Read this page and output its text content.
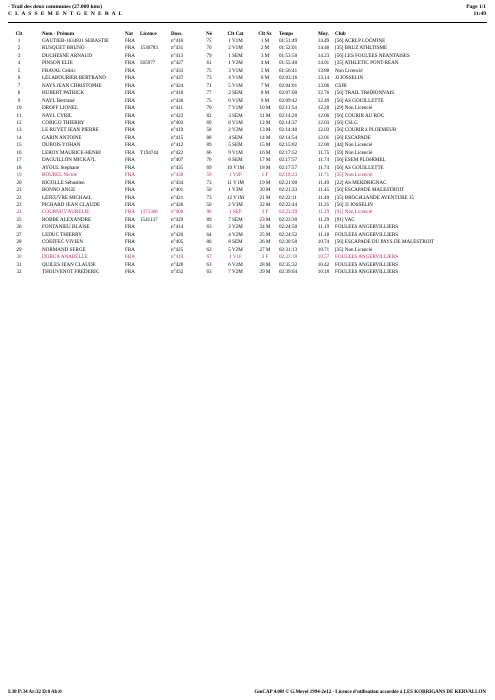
- Trail des deux communes (27.000 kms)
C L A S S E M E N T G E N E R A L
Page 1/1
11:49
Clt	Nom - Prénom	Nat	Licence	Doss.	Né	Clt Cat	Clt Sx	Temps	Moy.	Club
1	GAUTIER-1634831 SEBASTIE	FRA		n°416	75	1 V1M	1 M	01:51:49	14.49	[56] ACRLP LOCMINE
2	RUSQUET BRUNO	FRA	1530783	n°431	70	2 V1M	2 M	01:52:01	14.46	[35] BRUZ ATHLTISME
3	DUCHESNE ARNAUD	FRA		n°413	79	1 SEM	3 M	01:53:50	14.23	[56] LES FOULEES NEANTAISES
4	PINSON ELIE	FRA	565977	n°427	61	1 V2M	4 M	01:55:40	14.01	[35] ATHLETIC PONT-REAN
5	FRAVAL Cédric	FRA		n°433	75	3 V1M	5 M	01:56:41	13.88	Non Licencié
6	LELABOURIER BERTRAND	FRA		n°437	73	4 V1M	6 M	02:03:16	13.14	JJ JOSSELIN
7	NAYS JEAN CHRISTOPHE	FRA		n°424	71	5 V1M	7 M	02:04:01	13.06	CSJB
8	HUBERT PATRICK	FRA		n°418	77	2 SEM	8 M	02:07:00	12.76	[56] TRAIL TRéDIONNAIS
9	NAYL Bertrand	FRA		n°436	75	6 V1M	9 M	02:09:42	12.49	[56] AS GOUILLETTE
10	DROFF LIONEL	FRA		n°411	70	7 V1M	10 M	02:11:54	12.28	[29] Non Licencié
11	NAYL CYRIL	FRA		n°423	82	3 SEM	11 M	02:14:20	12.06	[56] COURIR AU ROC
12	COBIGO THIERRY	FRA		n°402	69	8 V1M	12 M	02:14:37	12.03	[56] CSLG
13	LE RUYET JEAN PIERRE	FRA		n°419	58	2 V2M	13 M	02:14:40	12.03	[56] COURIR à PLOEMEUR
14	GARIN ANTOINE	FRA		n°415	88	4 SEM	14 M	02:14:54	12.01	[56] ESCAPADE
15	DUBOIS YOHAN	FRA		n°412	89	5 SEM	15 M	02:15:02	12.00	[44] Non Licencié
16	LEROY MAURICE-HENRI	FRA	T194744	n°422	66	9 V1M	16 M	02:17:52	11.75	[59] Non Licencié
17	DAGUILLON MICKA?L	FRA		n°407	76	6 SEM	17 M	02:17:57	11.74	[56] ESEM PLOëRMEL
18	AYOUL Stephane	FRA		n°435	69	10 V1M	18 M	02:17:57	11.74	[56] AS GOUILLETTE
19	BOUREL Nicole	FRA		n°438	59	1 V2F	1 F	02:18:23	11.71	[35] Non Licencié
20	RIGOLLE Sébastien	FRA		n°434	73	11 V1M	19 M	02:21:00	11.49	[22] AS MERDRIGNAC
21	BONNO ANGE	FRA		n°401	50	1 V3M	20 M	02:21:33	11.45	[56] ESCAPADE MALESTROIT
22	LEFEUVRE MICHAëL	FRA		n°421	73	12 V1M	21 M	02:22:11	11.40	[35] BROCéLIANDE AVENTURE 35
23	PICHARD JEAN CLAUDE	FRA		n°426	50	2 V3M	22 M	02:22:44	11.35	[56] JJ JOSSELIN
24	COURNUT AURELIE	FRA	1373368	n°406	90	1 SEF	2 F	02:23:29	11.29	[91] Non Licencié
25	ROBBE ALEXANDRE	FRA	1541137	n°429	89	7 SEM	23 M	02:23:30	11.29	[91] VAC
26	FONTANIEU BLAISE	FRA		n°414	63	3 V2M	24 M	02:24:50	11.19	FOULEES ANGERVILLIERS
27	LEDUC THIERRY	FRA		n°420	64	4 V2M	25 M	02:24:52	11.18	FOULEES ANGERVILLIERS
28	COEFFEC VIVIEN	FRA		n°405	86	8 SEM	26 M	02:30:50	10.74	[56] ESCAPADE DU PAYS DE MALESTROIT
29	NORMAND SERGE	FRA		n°425	62	5 V2M	27 M	02:31:13	10.71	[35] Non Licencié
30	DOBUA ANABELLE	FRA		n°410	67	1 V1F	3 F	02:33:18	10.57	FOULEES ANGERVILLIERS
31	QUILES JEAN CLAUDE	FRA		n°428	63	6 V2M	28 M	02:35:32	10.42	FOULEES ANGERVILLIERS
32	THOUVENOT FREDERIC	FRA		n°432	63	7 V2M	29 M	02:39:04	10.18	FOULEES ANGERVILLIERS
I:38 P:34 Ar:32 D:0 Ab:0	GmCAP 4.00f © G.Mevel 1994-2e12 - Licence d'utilisation accordée à LES KORRIGANS DE KERVALLON
